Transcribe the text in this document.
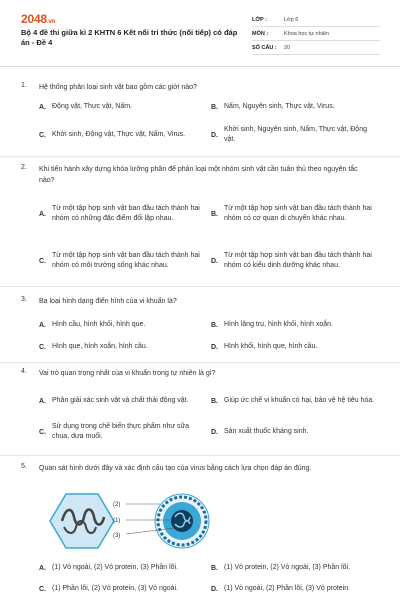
2048.vn
Bộ 4 đề thi giữa kì 2 KHTN 6 Kết nối tri thức (nối tiếp) có đáp án - Đề 4
LỚP :	Lớp 6
MÔN :	Khoa học tự nhiên
SỐ CÂU :	20
1. Hệ thống phân loại sinh vật bao gồm các giới nào?
A. Động vật, Thực vật, Nấm.	B. Nấm, Nguyên sinh, Thực vật, Virus.
C. Khởi sinh, Động vật, Thực vật, Nấm, Virus.	D.
Khởi sinh, Nguyên sinh, Nấm, Thực vật, Động vật.
2. Khi tiến hành xây dựng khóa lưỡng phân để phân loại một nhóm sinh vật cần tuân thủ theo nguyên tắc nào?
A.
Từ một tập hợp sinh vật ban đầu tách thành hai nhóm có những đặc điểm đối lập nhau.
B.
Từ một tập hợp sinh vật ban đầu tách thành hai nhóm có cơ quan di chuyển khác nhau.
C.
Từ một tập hợp sinh vật ban đầu tách thành hai nhóm có môi trường sống khác nhau.
D.
Từ một tập hợp sinh vật ban đầu tách thành hai nhóm có kiểu dinh dưỡng khác nhau.
3. Ba loại hình dạng điển hình của vi khuẩn là?
A. Hình cầu, hình khối, hình que.	B. Hình lăng trụ, hình khối, hình xoắn.
C. Hình que, hình xoắn, hình cầu.	D. Hình khối, hình que, hình cầu.
4. Vai trò quan trọng nhất của vi khuẩn trong tự nhiên là gì?
A. Phân giải xác sinh vật và chất thải động vật.	B. Giúp ức chế vi khuẩn có hại, bảo vệ hệ tiêu hóa.
C.
Sử dụng trong chế biến thực phẩm như sữa chua, dưa muối.
D. Sản xuất thuốc kháng sinh.
5. Quan sát hình dưới đây và xác định cấu tạo của virus bằng cách lựa chọn đáp án đúng.
(2)
(1)
(3)
A. (1) Vỏ ngoài, (2) Vỏ protein, (3) Phần lõi.	B. (1) Vỏ protein, (2) Vỏ ngoài, (3) Phần lõi.
C. (1) Phần lõi, (2) Vỏ protein, (3) Vỏ ngoài.	D. (1) Vỏ ngoài, (2) Phần lõi, (3) Vỏ protein.
